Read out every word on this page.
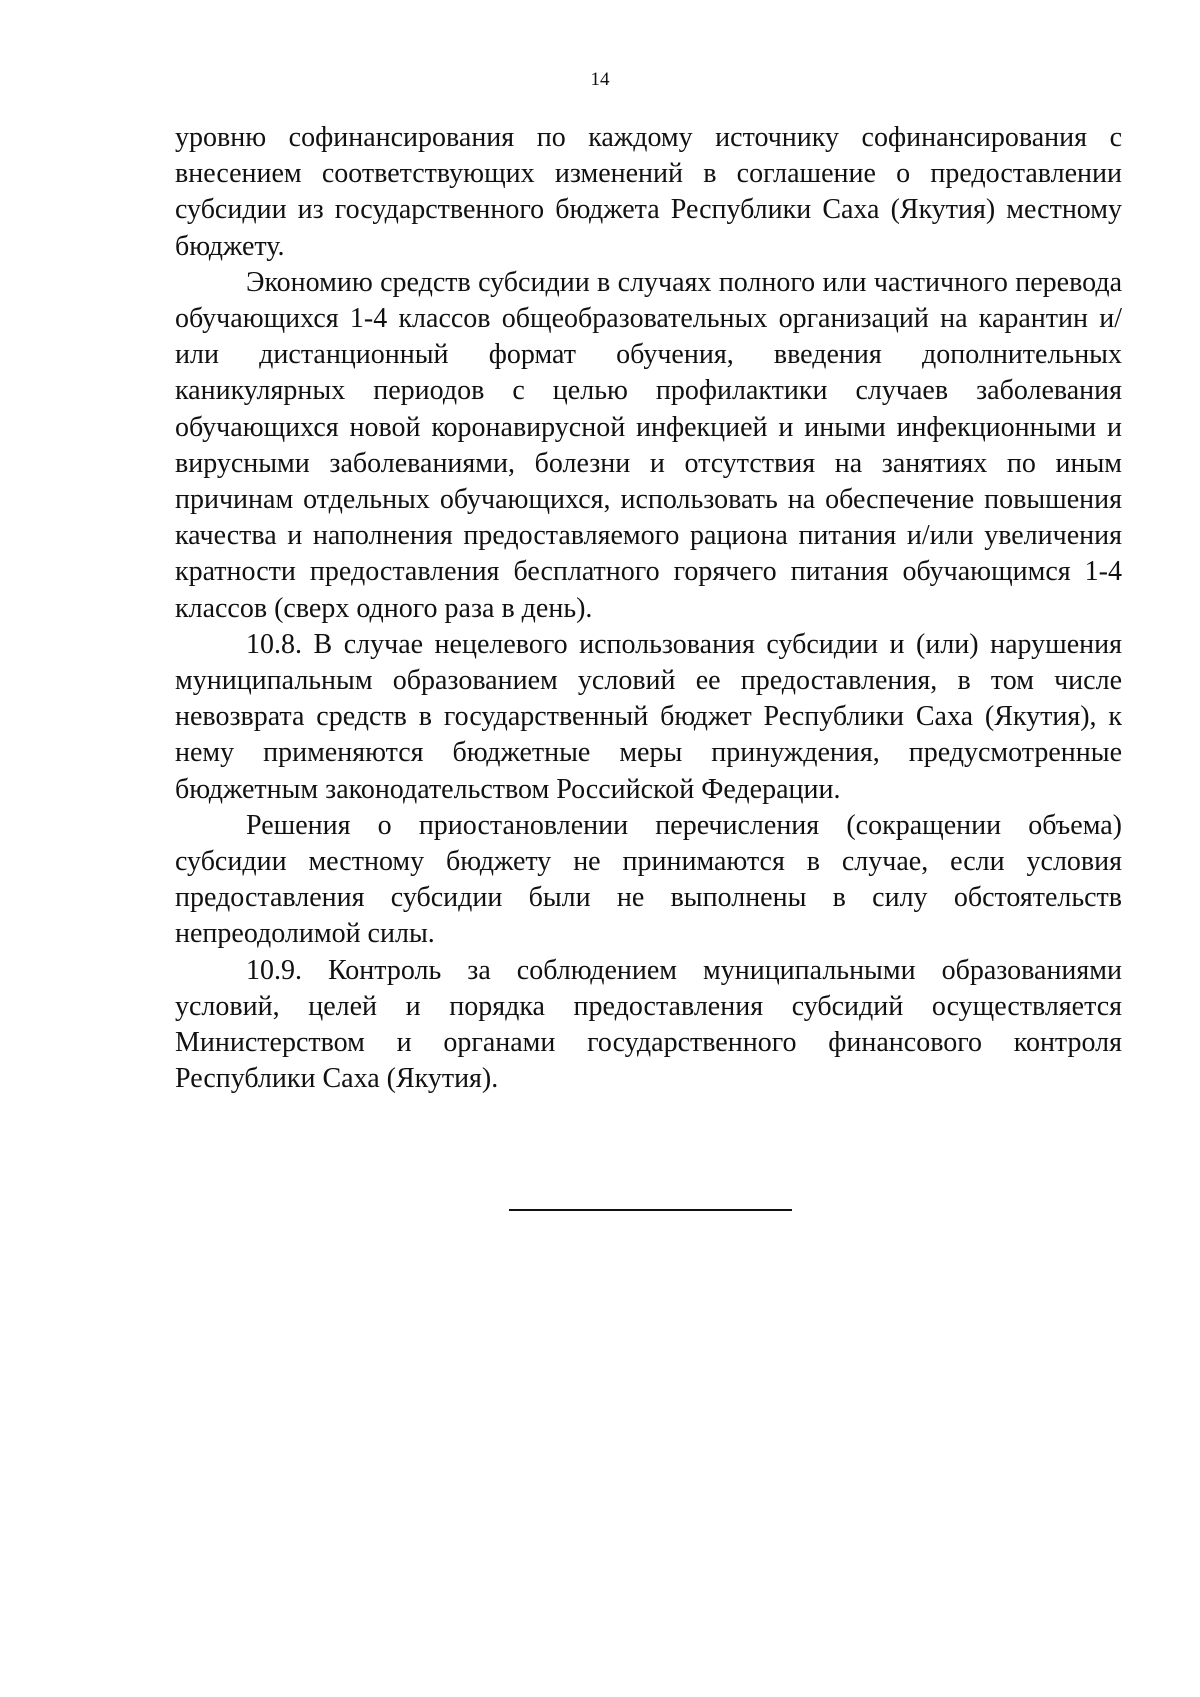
14

уровню софинансирования по каждому источнику софинансирования с внесением соответствующих изменений в соглашение о предоставлении субсидии из государственного бюджета Республики Саха (Якутия) местному бюджету.

Экономию средств субсидии в случаях полного или частичного перевода обучающихся 1-4 классов общеобразовательных организаций на карантин и/или дистанционный формат обучения, введения дополнительных каникулярных периодов с целью профилактики случаев заболевания обучающихся новой коронавирусной инфекцией и иными инфекционными и вирусными заболеваниями, болезни и отсутствия на занятиях по иным причинам отдельных обучающихся, использовать на обеспечение повышения качества и наполнения предоставляемого рациона питания и/или увеличения кратности предоставления бесплатного горячего питания обучающимся 1-4 классов (сверх одного раза в день).

10.8. В случае нецелевого использования субсидии и (или) нарушения муниципальным образованием условий ее предоставления, в том числе невозврата средств в государственный бюджет Республики Саха (Якутия), к нему применяются бюджетные меры принуждения, предусмотренные бюджетным законодательством Российской Федерации.

Решения о приостановлении перечисления (сокращении объема) субсидии местному бюджету не принимаются в случае, если условия предоставления субсидии были не выполнены в силу обстоятельств непреодолимой силы.

10.9. Контроль за соблюдением муниципальными образованиями условий, целей и порядка предоставления субсидий осуществляется Министерством и органами государственного финансового контроля Республики Саха (Якутия).
